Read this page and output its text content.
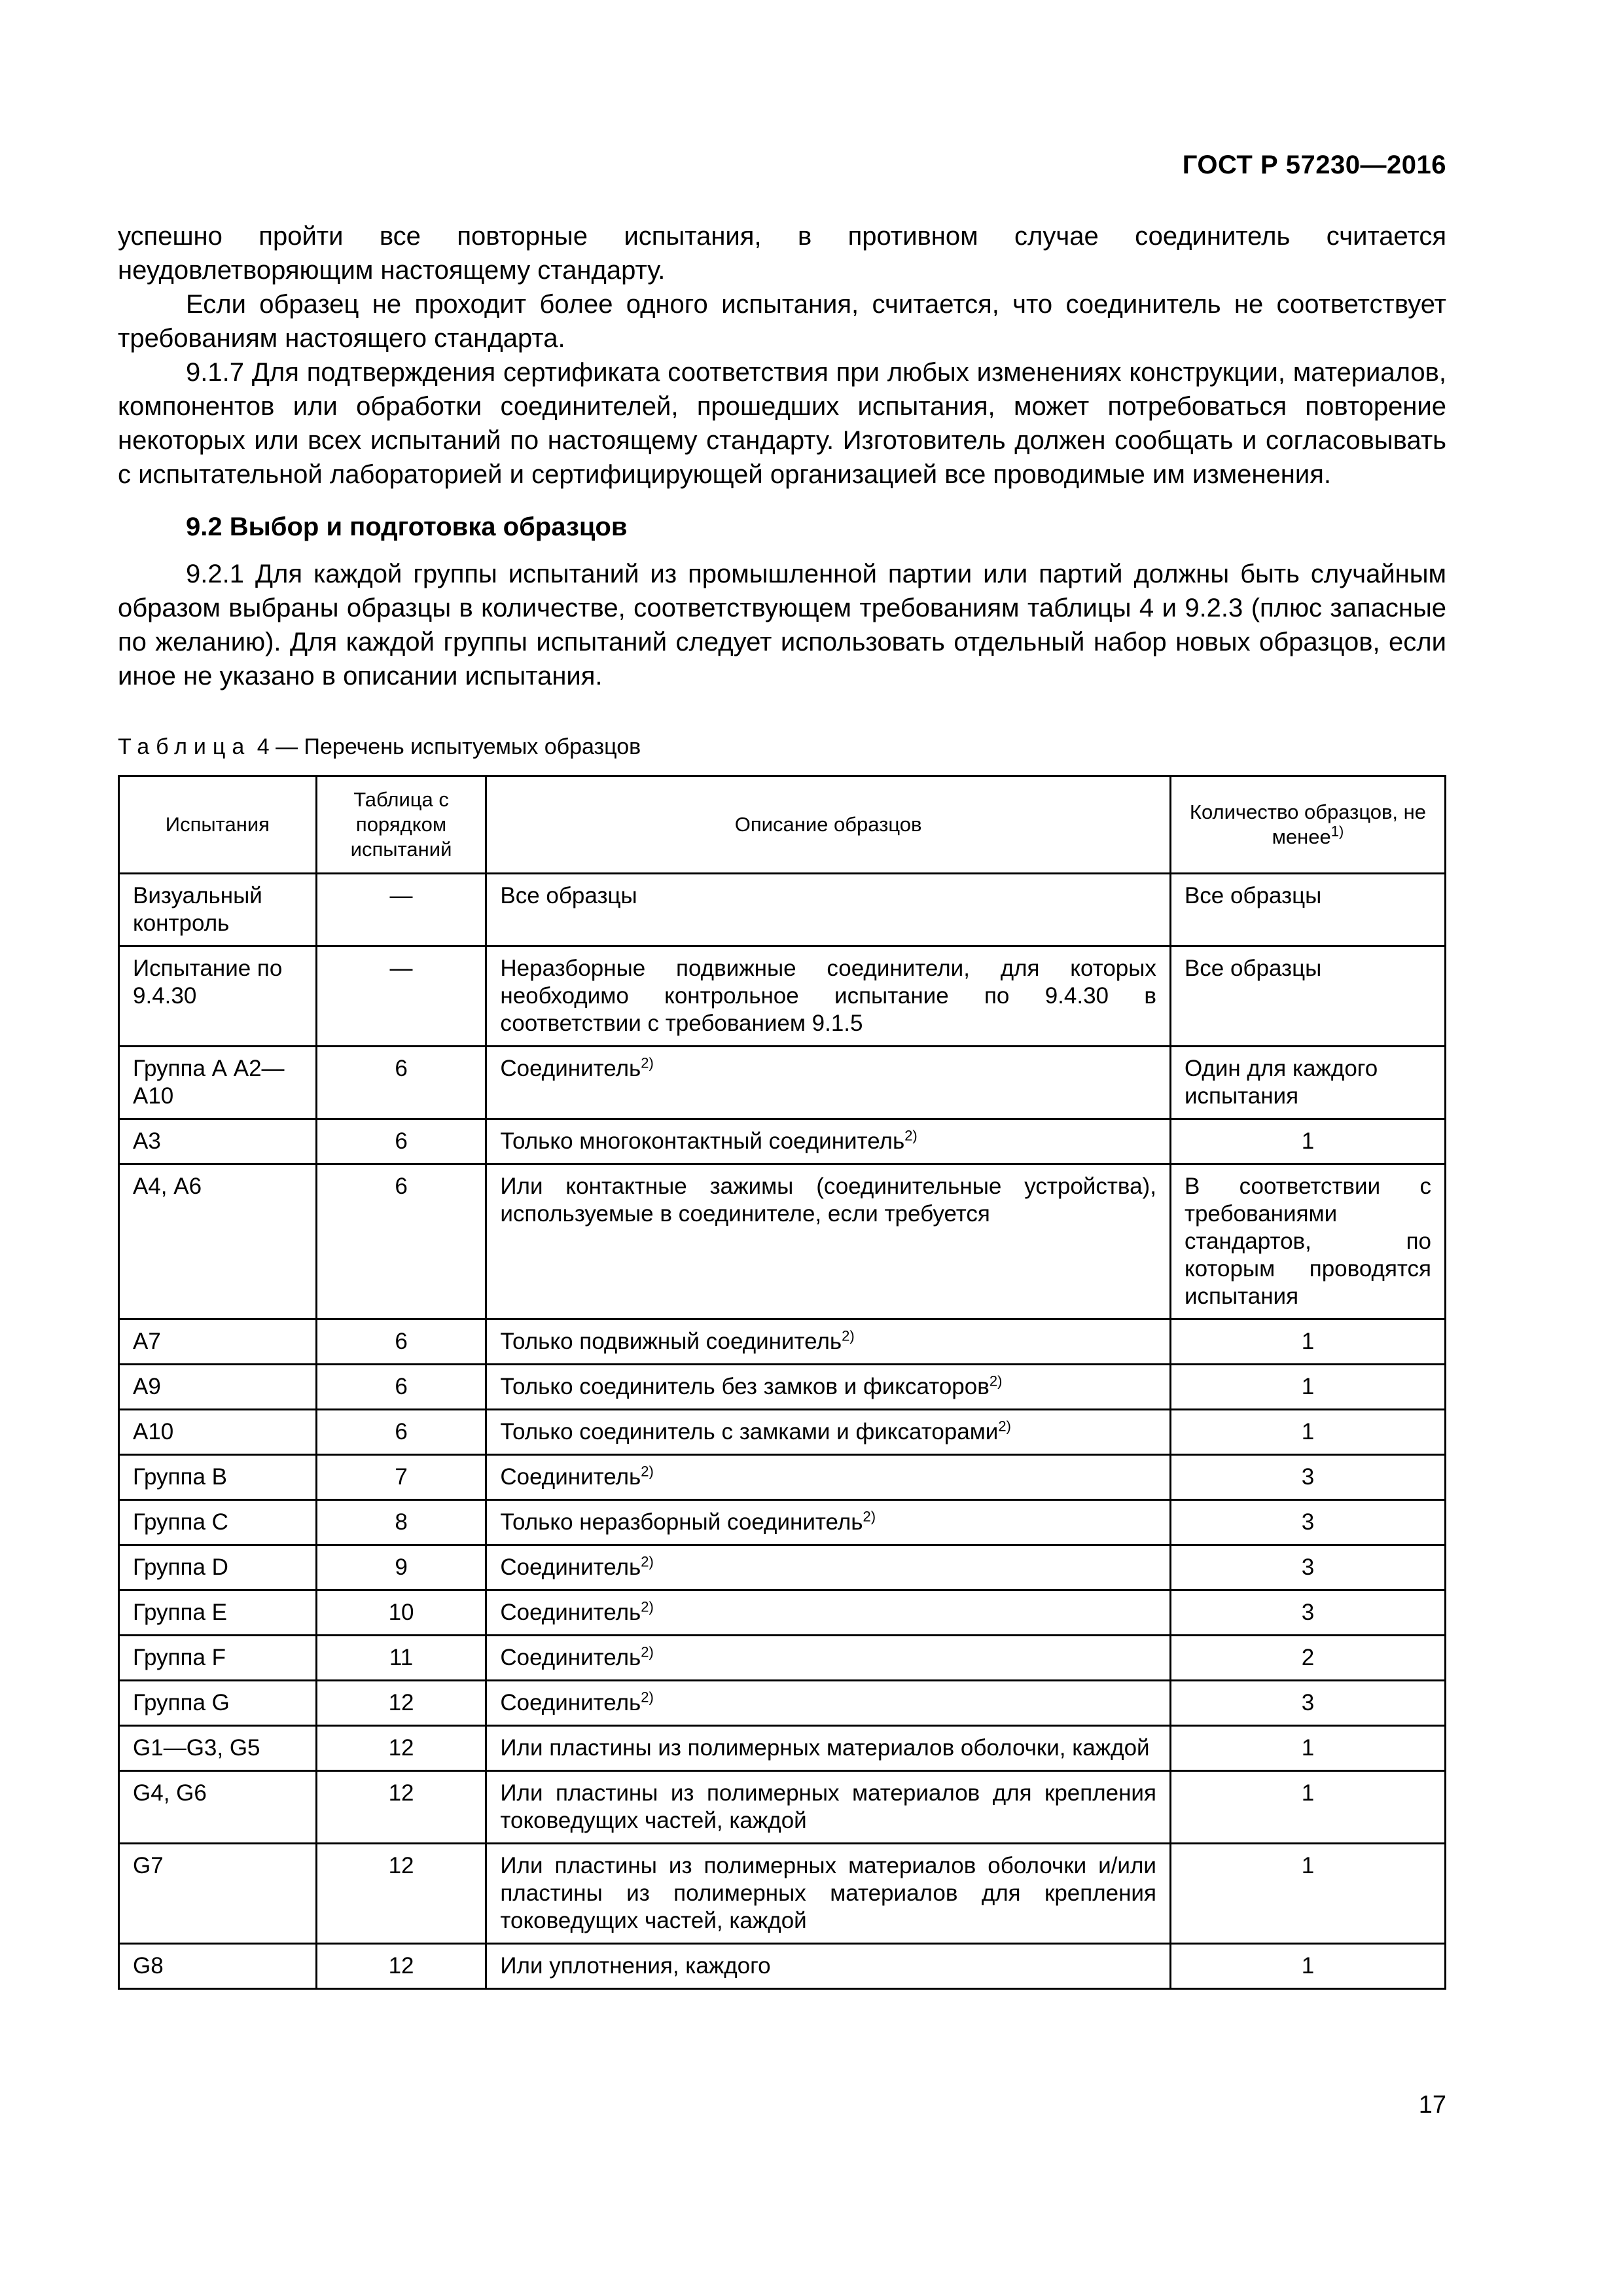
ГОСТ Р 57230—2016

успешно пройти все повторные испытания, в противном случае соединитель считается неудовлетворяющим настоящему стандарту.

Если образец не проходит более одного испытания, считается, что соединитель не соответствует требованиям настоящего стандарта.

9.1.7 Для подтверждения сертификата соответствия при любых изменениях конструкции, материалов, компонентов или обработки соединителей, прошедших испытания, может потребоваться повторение некоторых или всех испытаний по настоящему стандарту. Изготовитель должен сообщать и согласовывать с испытательной лабораторией и сертифицирующей организацией все проводимые им изменения.

9.2 Выбор и подготовка образцов

9.2.1 Для каждой группы испытаний из промышленной партии или партий должны быть случайным образом выбраны образцы в количестве, соответствующем требованиям таблицы 4 и 9.2.3 (плюс запасные по желанию). Для каждой группы испытаний следует использовать отдельный набор новых образцов, если иное не указано в описании испытания.

Таблица 4 — Перечень испытуемых образцов

Испытания	Таблица с порядком испытаний	Описание образцов	Количество образцов, не менее$^{1)}$
Визуальный контроль	—	Все образцы	Все образцы
Испытание по 9.4.30	—	Неразборные подвижные соединители, для которых необходимо контрольное испытание по 9.4.30 в соответствии с требованием 9.1.5	Все образцы
Группа А А2—А10	6	Соединитель$^{2)}$	Один для каждого испытания
А3	6	Только многоконтактный соединитель$^{2)}$	1
А4, А6	6	Или контактные зажимы (соединительные устройства), используемые в соединителе, если требуется	В соответствии с требованиями стандартов, по которым проводятся испытания
А7	6	Только подвижный соединитель$^{2)}$	1
А9	6	Только соединитель без замков и фиксаторов$^{2)}$	1
А10	6	Только соединитель с замками и фиксаторами$^{2)}$	1
Группа В	7	Соединитель$^{2)}$	3
Группа С	8	Только неразборный соединитель$^{2)}$	3
Группа D	9	Соединитель$^{2)}$	3
Группа Е	10	Соединитель$^{2)}$	3
Группа F	11	Соединитель$^{2)}$	2
Группа G	12	Соединитель$^{2)}$	3
G1—G3, G5	12	Или пластины из полимерных материалов оболочки, каждой	1
G4, G6	12	Или пластины из полимерных материалов для крепления токоведущих частей, каждой	1
G7	12	Или пластины из полимерных материалов оболочки и/или пластины из полимерных материалов для крепления токоведущих частей, каждой	1
G8	12	Или уплотнения, каждого	1
17
